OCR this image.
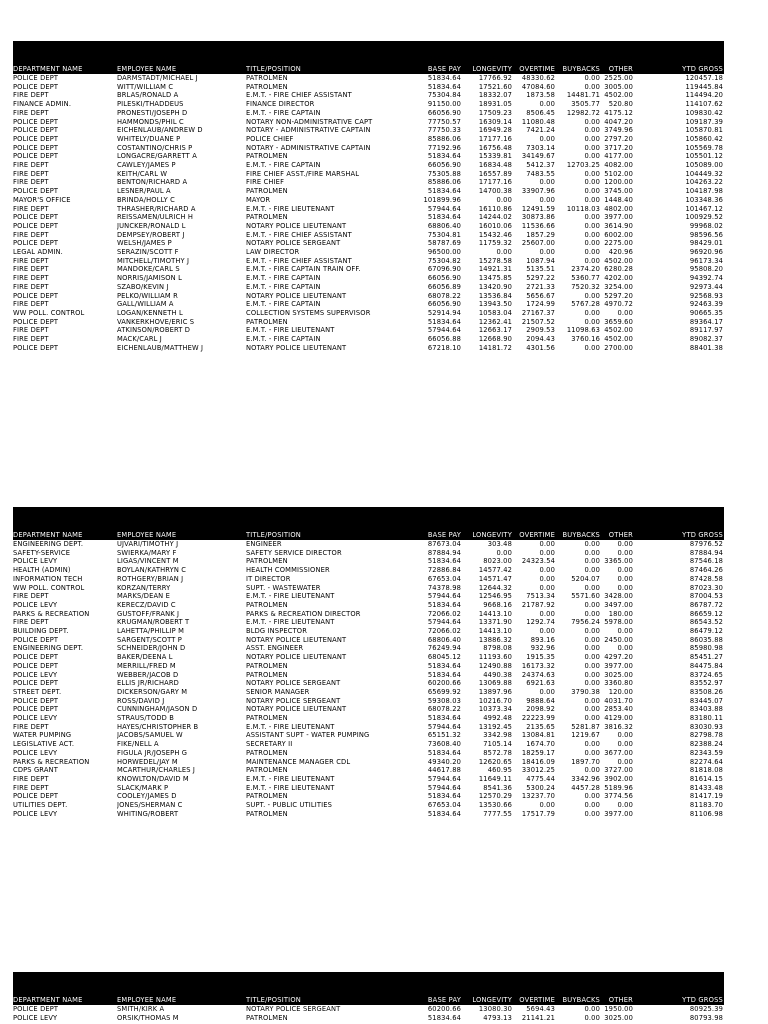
DEPARTMENT NAME	EMPLOYEE NAME	TITLE/POSITION	BASE PAY	LONGEVITY	OVERTIME	BUYBACKS	OTHER	YTD GROSS
POLICE DEPT	DARMSTADT/MICHAEL J	PATROLMEN	51834.64	17766.92	48330.62	0.00	2525.00	120457.18
POLICE DEPT	WITT/WILLIAM C	PATROLMEN	51834.64	17521.60	47084.60	0.00	3005.00	119445.84
FIRE DEPT	BRLAS/RONALD A	E.M.T. - FIRE CHIEF ASSISTANT	75304.84	18332.07	1873.58	14481.71	4502.00	114494.20
FINANCE ADMIN.	PILESKI/THADDEUS	FINANCE DIRECTOR	91150.00	18931.05	0.00	3505.77	520.80	114107.62
FIRE DEPT	PRONESTI/JOSEPH D	E.M.T. - FIRE CAPTAIN	66056.90	17509.23	8506.45	12982.72	4175.12	109830.42
POLICE DEPT	HAMMONDS/PHIL C	NOTARY NON-ADMINISTRATIVE CAPT	77750.57	16309.14	11080.48	0.00	4047.20	109187.39
POLICE DEPT	EICHENLAUB/ANDREW D	NOTARY - ADMINISTRATIVE CAPTAIN	77750.33	16949.28	7421.24	0.00	3749.96	105870.81
POLICE DEPT	WHITELY/DUANE P	POLICE CHIEF	85886.06	17177.16	0.00	0.00	2797.20	105860.42
POLICE DEPT	COSTANTINO/CHRIS P	NOTARY - ADMINISTRATIVE CAPTAIN	77192.96	16756.48	7303.14	0.00	3717.20	105569.78
POLICE DEPT	LONGACRE/GARRETT A	PATROLMEN	51834.64	15339.81	34149.67	0.00	4177.00	105501.12
FIRE DEPT	CAWLEY/JAMES P	E.M.T. - FIRE CAPTAIN	66056.90	16834.48	5412.37	12703.25	4082.00	105089.00
FIRE DEPT	KEITH/CARL W	FIRE CHIEF ASST./FIRE MARSHAL	75305.88	16557.89	7483.55	0.00	5102.00	104449.32
FIRE DEPT	BENTON/RICHARD A	FIRE CHIEF	85886.06	17177.16	0.00	0.00	1200.00	104263.22
POLICE DEPT	LESNER/PAUL A	PATROLMEN	51834.64	14700.38	33907.96	0.00	3745.00	104187.98
MAYOR'S OFFICE	BRINDA/HOLLY C	MAYOR	101899.96	0.00	0.00	0.00	1448.40	103348.36
FIRE DEPT	THRASHER/RICHARD A	E.M.T. - FIRE LIEUTENANT	57944.64	16110.86	12491.59	10118.03	4802.00	101467.12
POLICE DEPT	REISSAMEN/ULRICH H	PATROLMEN	51834.64	14244.02	30873.86	0.00	3977.00	100929.52
POLICE DEPT	JUNCKER/RONALD L	NOTARY POLICE LIEUTENANT	68806.40	16010.06	11536.66	0.00	3614.90	99968.02
FIRE DEPT	DEMPSEY/ROBERT J	E.M.T. - FIRE CHIEF ASSISTANT	75304.81	15432.46	1857.29	0.00	6002.00	98596.56
POLICE DEPT	WELSH/JAMES P	NOTARY POLICE SERGEANT	58787.69	11759.32	25607.00	0.00	2275.00	98429.01
LEGAL ADMIN.	SERAZIN/SCOTT F	LAW DIRECTOR	96500.00	0.00	0.00	0.00	420.96	96920.96
FIRE DEPT	MITCHELL/TIMOTHY J	E.M.T. - FIRE CHIEF ASSISTANT	75304.82	15278.58	1087.94	0.00	4502.00	96173.34
FIRE DEPT	MANDOKE/CARL S	E.M.T. - FIRE CAPTAIN TRAIN OFF.	67096.90	14921.31	5135.51	2374.20	6280.28	95808.20
FIRE DEPT	NORRIS/JAMISON L	E.M.T. - FIRE CAPTAIN	66056.90	13475.85	5297.22	5360.77	4202.00	94392.74
FIRE DEPT	SZABO/KEVIN J	E.M.T. - FIRE CAPTAIN	66056.89	13420.90	2721.33	7520.32	3254.00	92973.44
POLICE DEPT	PELKO/WILLIAM R	NOTARY POLICE LIEUTENANT	68078.22	13536.84	5656.67	0.00	5297.20	92568.93
FIRE DEPT	GALL/WILLIAM A	E.M.T. - FIRE CAPTAIN	66056.90	13943.50	1724.99	5767.28	4970.72	92463.39
WW POLL. CONTROL	LOGAN/KENNETH L	COLLECTION SYSTEMS SUPERVISOR	52914.94	10583.04	27167.37	0.00	0.00	90665.35
POLICE DEPT	VANKERKHOVE/ERIC S	PATROLMEN	51834.64	12362.41	21507.52	0.00	3659.60	89364.17
FIRE DEPT	ATKINSON/ROBERT D	E.M.T. - FIRE LIEUTENANT	57944.64	12663.17	2909.53	11098.63	4502.00	89117.97
FIRE DEPT	MACK/CARL J	E.M.T. - FIRE CAPTAIN	66056.88	12668.90	2094.43	3760.16	4502.00	89082.37
POLICE DEPT	EICHENLAUB/MATTHEW J	NOTARY POLICE LIEUTENANT	67218.10	14181.72	4301.56	0.00	2700.00	88401.38
DEPARTMENT NAME	EMPLOYEE NAME	TITLE/POSITION	BASE PAY	LONGEVITY	OVERTIME	BUYBACKS	OTHER	YTD GROSS
ENGINEERING DEPT.	UJVARI/TIMOTHY J	ENGINEER	87673.04	303.48	0.00	0.00	0.00	87976.52
SAFETY-SERVICE	SWIERKA/MARY F	SAFETY SERVICE DIRECTOR	87884.94	0.00	0.00	0.00	0.00	87884.94
POLICE LEVY	LIGAS/VINCENT M	PATROLMEN	51834.64	8023.00	24323.54	0.00	3365.00	87546.18
HEALTH (ADMIN)	BOYLAN/KATHRYN C	HEALTH COMMISSIONER	72886.84	14577.42	0.00	0.00	0.00	87464.26
INFORMATION TECH	ROTHGERY/BRIAN J	IT DIRECTOR	67653.04	14571.47	0.00	5204.07	0.00	87428.58
WW POLL. CONTROL	KORZAN/TERRY	SUPT. - WASTEWATER	74378.98	12644.32	0.00	0.00	0.00	87023.30
FIRE DEPT	MARKS/DEAN E	E.M.T. - FIRE LIEUTENANT	57944.64	12546.95	7513.34	5571.60	3428.00	87004.53
POLICE LEVY	KERECZ/DAVID C	PATROLMEN	51834.64	9668.16	21787.92	0.00	3497.00	86787.72
PARKS & RECREATION	GUSTOFF/FRANK J	PARKS & RECREATION DIRECTOR	72066.02	14413.10	0.00	0.00	180.00	86659.12
FIRE DEPT	KRUGMAN/ROBERT T	E.M.T. - FIRE LIEUTENANT	57944.64	13371.90	1292.74	7956.24	5978.00	86543.52
BUILDING DEPT.	LAHETTA/PHILLIP M	BLDG INSPECTOR	72066.02	14413.10	0.00	0.00	0.00	86479.12
POLICE DEPT	SARGENT/SCOTT P	NOTARY POLICE LIEUTENANT	68806.40	13886.32	893.16	0.00	2450.00	86035.88
ENGINEERING DEPT.	SCHNEIDER/JOHN D	ASST. ENGINEER	76249.94	8798.08	932.96	0.00	0.00	85980.98
POLICE DEPT	BAKER/DEENA L	NOTARY POLICE LIEUTENANT	68045.12	11193.60	1915.35	0.00	4297.20	85451.27
POLICE DEPT	MERRILL/FRED M	PATROLMEN	51834.64	12490.88	16173.32	0.00	3977.00	84475.84
POLICE LEVY	WEBBER/JACOB D	PATROLMEN	51834.64	4490.38	24374.63	0.00	3025.00	83724.65
POLICE DEPT	ELLIS JR/RICHARD	NOTARY POLICE SERGEANT	60200.66	13069.88	6921.63	0.00	3360.80	83552.97
STREET DEPT.	DICKERSON/GARY M	SENIOR MANAGER	65699.92	13897.96	0.00	3790.38	120.00	83508.26
POLICE DEPT	ROSS/DAVID J	NOTARY POLICE SERGEANT	59308.03	10216.70	9888.64	0.00	4031.70	83445.07
POLICE DEPT	CUNNINGHAM/JASON D	NOTARY POLICE LIEUTENANT	68078.22	10373.34	2098.92	0.00	2853.40	83403.88
POLICE LEVY	STRAUS/TODD B	PATROLMEN	51834.64	4992.48	22223.99	0.00	4129.00	83180.11
FIRE DEPT	HAYES/CHRISTOPHER B	E.M.T. - FIRE LIEUTENANT	57944.64	13192.45	2135.65	5281.87	3816.32	83030.93
WATER PUMPING	JACOBS/SAMUEL W	ASSISTANT SUPT - WATER PUMPING	65151.32	3342.98	13084.81	1219.67	0.00	82798.78
LEGISLATIVE ACT.	FIKE/NELL A	SECRETARY II	73608.40	7105.14	1674.70	0.00	0.00	82388.24
POLICE LEVY	FIGULA JR/JOSEPH G	PATROLMEN	51834.64	8572.78	18259.17	0.00	3677.00	82343.59
PARKS & RECREATION	HORWEDEL/JAY M	MAINTENANCE MANAGER CDL	49340.20	12620.65	18416.09	1897.70	0.00	82274.64
CDPS GRANT	MCARTHUR/CHARLES J	PATROLMEN	44617.88	460.95	33012.25	0.00	3727.00	81818.08
FIRE DEPT	KNOWLTON/DAVID M	E.M.T. - FIRE LIEUTENANT	57944.64	11649.11	4775.44	3342.96	3902.00	81614.15
FIRE DEPT	SLACK/MARK P	E.M.T. - FIRE LIEUTENANT	57944.64	8541.36	5300.24	4457.28	5189.96	81433.48
POLICE DEPT	COOLEY/JAMES D	PATROLMEN	51834.64	12570.29	13237.70	0.00	3774.56	81417.19
UTILITIES DEPT.	JONES/SHERMAN C	SUPT. - PUBLIC UTILITIES	67653.04	13530.66	0.00	0.00	0.00	81183.70
POLICE LEVY	WHITING/ROBERT	PATROLMEN	51834.64	7777.55	17517.79	0.00	3977.00	81106.98
DEPARTMENT NAME	EMPLOYEE NAME	TITLE/POSITION	BASE PAY	LONGEVITY	OVERTIME	BUYBACKS	OTHER	YTD GROSS
POLICE DEPT	SMITH/KIRK A	NOTARY POLICE SERGEANT	60200.66	13080.30	5694.43	0.00	1950.00	80925.39
POLICE LEVY	ORSIK/THOMAS M	PATROLMEN	51834.64	4793.13	21141.21	0.00	3025.00	80793.98
